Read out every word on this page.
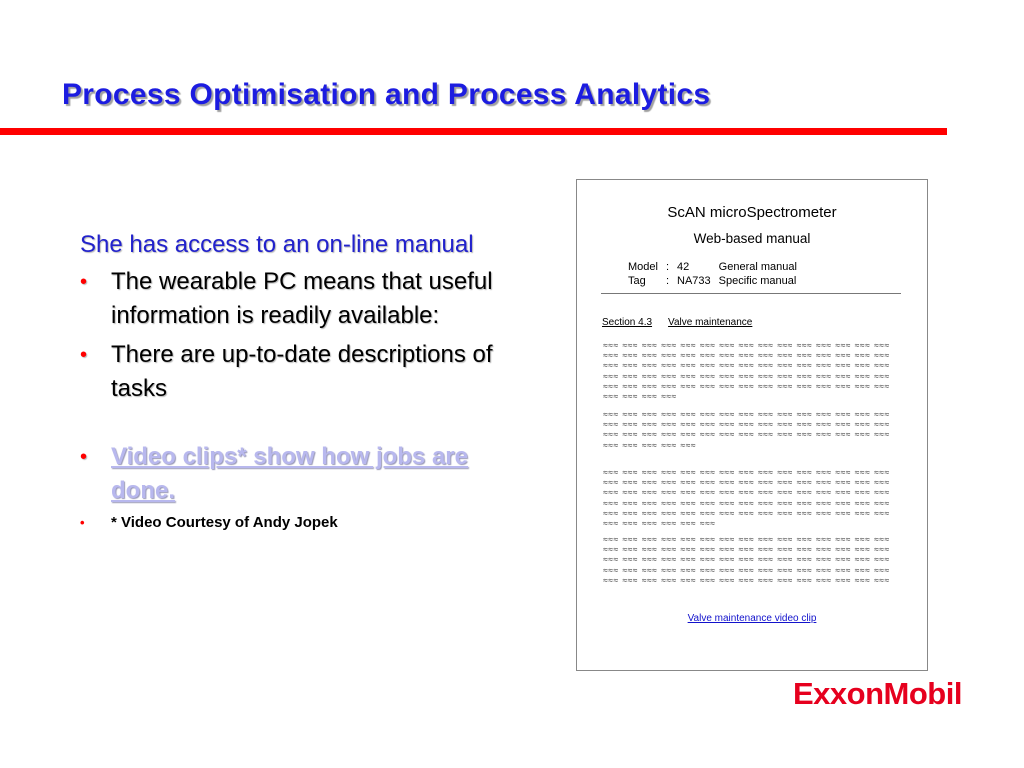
Process Optimisation and Process Analytics

She has access to an on-line manual

• The wearable PC means that useful information is readily available:
• There are up-to-date descriptions of tasks
• Video clips* show how jobs are done.
• * Video Courtesy of Andy Jopek
ScAN microSpectrometer
Web-based manual
Model	:	42	General manual
Tag	:	NA733	Specific manual
Section 4.3 Valve maintenance

≈≈≈ ≈≈≈ ≈≈≈ ≈≈≈ ≈≈≈ ≈≈≈ ≈≈≈ ≈≈≈ ≈≈≈ ≈≈≈ ≈≈≈ ≈≈≈ ≈≈≈ ≈≈≈ ≈≈≈ ≈≈≈ ≈≈≈ ≈≈≈ ≈≈≈ ≈≈≈ ≈≈≈ ≈≈≈ ≈≈≈ ≈≈≈ ≈≈≈ ≈≈≈ ≈≈≈ ≈≈≈ ≈≈≈ ≈≈≈ ≈≈≈ ≈≈≈ ≈≈≈ ≈≈≈ ≈≈≈ ≈≈≈ ≈≈≈ ≈≈≈ ≈≈≈ ≈≈≈ ≈≈≈ ≈≈≈ ≈≈≈ ≈≈≈ ≈≈≈ ≈≈≈ ≈≈≈ ≈≈≈ ≈≈≈ ≈≈≈ ≈≈≈ ≈≈≈ ≈≈≈ ≈≈≈ ≈≈≈ ≈≈≈ ≈≈≈ ≈≈≈ ≈≈≈ ≈≈≈ ≈≈≈ ≈≈≈ ≈≈≈ ≈≈≈ ≈≈≈ ≈≈≈ ≈≈≈ ≈≈≈ ≈≈≈ ≈≈≈ ≈≈≈ ≈≈≈ ≈≈≈ ≈≈≈ ≈≈≈ ≈≈≈ ≈≈≈ ≈≈≈ ≈≈≈

≈≈≈ ≈≈≈ ≈≈≈ ≈≈≈ ≈≈≈ ≈≈≈ ≈≈≈ ≈≈≈ ≈≈≈ ≈≈≈ ≈≈≈ ≈≈≈ ≈≈≈ ≈≈≈ ≈≈≈ ≈≈≈ ≈≈≈ ≈≈≈ ≈≈≈ ≈≈≈ ≈≈≈ ≈≈≈ ≈≈≈ ≈≈≈ ≈≈≈ ≈≈≈ ≈≈≈ ≈≈≈ ≈≈≈ ≈≈≈ ≈≈≈ ≈≈≈ ≈≈≈ ≈≈≈ ≈≈≈ ≈≈≈ ≈≈≈ ≈≈≈ ≈≈≈ ≈≈≈ ≈≈≈ ≈≈≈ ≈≈≈ ≈≈≈ ≈≈≈ ≈≈≈ ≈≈≈ ≈≈≈ ≈≈≈ ≈≈≈

≈≈≈ ≈≈≈ ≈≈≈ ≈≈≈ ≈≈≈ ≈≈≈ ≈≈≈ ≈≈≈ ≈≈≈ ≈≈≈ ≈≈≈ ≈≈≈ ≈≈≈ ≈≈≈ ≈≈≈ ≈≈≈ ≈≈≈ ≈≈≈ ≈≈≈ ≈≈≈ ≈≈≈ ≈≈≈ ≈≈≈ ≈≈≈ ≈≈≈ ≈≈≈ ≈≈≈ ≈≈≈ ≈≈≈ ≈≈≈ ≈≈≈ ≈≈≈ ≈≈≈ ≈≈≈ ≈≈≈ ≈≈≈ ≈≈≈ ≈≈≈ ≈≈≈ ≈≈≈ ≈≈≈ ≈≈≈ ≈≈≈ ≈≈≈ ≈≈≈ ≈≈≈ ≈≈≈ ≈≈≈ ≈≈≈ ≈≈≈ ≈≈≈ ≈≈≈ ≈≈≈ ≈≈≈ ≈≈≈ ≈≈≈ ≈≈≈ ≈≈≈ ≈≈≈ ≈≈≈ ≈≈≈ ≈≈≈ ≈≈≈ ≈≈≈ ≈≈≈ ≈≈≈ ≈≈≈ ≈≈≈ ≈≈≈ ≈≈≈ ≈≈≈ ≈≈≈ ≈≈≈ ≈≈≈ ≈≈≈ ≈≈≈ ≈≈≈ ≈≈≈ ≈≈≈ ≈≈≈ ≈≈≈

≈≈≈ ≈≈≈ ≈≈≈ ≈≈≈ ≈≈≈ ≈≈≈ ≈≈≈ ≈≈≈ ≈≈≈ ≈≈≈ ≈≈≈ ≈≈≈ ≈≈≈ ≈≈≈ ≈≈≈ ≈≈≈ ≈≈≈ ≈≈≈ ≈≈≈ ≈≈≈ ≈≈≈ ≈≈≈ ≈≈≈ ≈≈≈ ≈≈≈ ≈≈≈ ≈≈≈ ≈≈≈ ≈≈≈ ≈≈≈ ≈≈≈ ≈≈≈ ≈≈≈ ≈≈≈ ≈≈≈ ≈≈≈ ≈≈≈ ≈≈≈ ≈≈≈ ≈≈≈ ≈≈≈ ≈≈≈ ≈≈≈ ≈≈≈ ≈≈≈ ≈≈≈ ≈≈≈ ≈≈≈ ≈≈≈ ≈≈≈ ≈≈≈ ≈≈≈ ≈≈≈ ≈≈≈ ≈≈≈ ≈≈≈ ≈≈≈ ≈≈≈ ≈≈≈ ≈≈≈ ≈≈≈ ≈≈≈ ≈≈≈ ≈≈≈ ≈≈≈ ≈≈≈ ≈≈≈ ≈≈≈ ≈≈≈ ≈≈≈ ≈≈≈ ≈≈≈ ≈≈≈ ≈≈≈ ≈≈≈

Valve maintenance video clip
ExxonMobil
